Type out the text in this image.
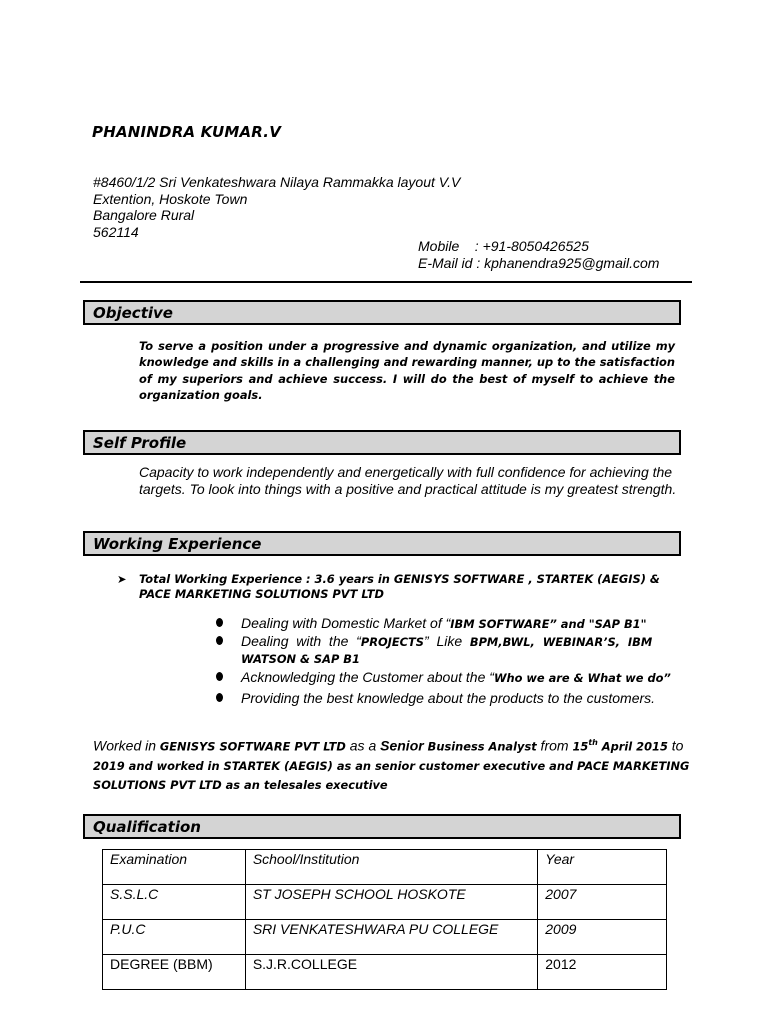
PHANINDRA KUMAR.V
#8460/1/2 Sri Venkateshwara Nilaya Rammakka layout V.V
Extention, Hoskote Town
Bangalore Rural
562114
Mobile    : +91-8050426525
E-Mail id : kphanendra925@gmail.com
Objective
To serve a position under a progressive and dynamic organization, and utilize my knowledge and skills in a challenging and rewarding manner, up to the satisfaction of my superiors and achieve success. I will do the best of myself to achieve the organization goals.
Self Profile
Capacity to work independently and energetically with full confidence for achieving the targets. To look into things with a positive and practical attitude is my greatest strength.
Working Experience
➤ Total Working Experience : 3.6 years in GENISYS SOFTWARE , STARTEK (AEGIS) & PACE MARKETING SOLUTIONS PVT LTD
Dealing with Domestic Market of “IBM SOFTWARE” and "SAP B1"
Dealing  with  the  “PROJECTS”  Like  BPM,BWL,  WEBINAR’S,  IBM
WATSON & SAP B1
Acknowledging the Customer about the “Who we are & What we do”
Providing the best knowledge about the products to the customers.
Worked in GENISYS SOFTWARE PVT LTD as a Senior Business Analyst from 15th April 2015 to
2019 and worked in STARTEK (AEGIS) as an senior customer executive and PACE MARKETING SOLUTIONS PVT LTD as an telesales executive
Qualification
Examination	School/Institution	Year
S.S.L.C	ST JOSEPH SCHOOL HOSKOTE	2007
P.U.C	SRI VENKATESHWARA PU COLLEGE	2009
DEGREE (BBM)	S.J.R.COLLEGE	2012
